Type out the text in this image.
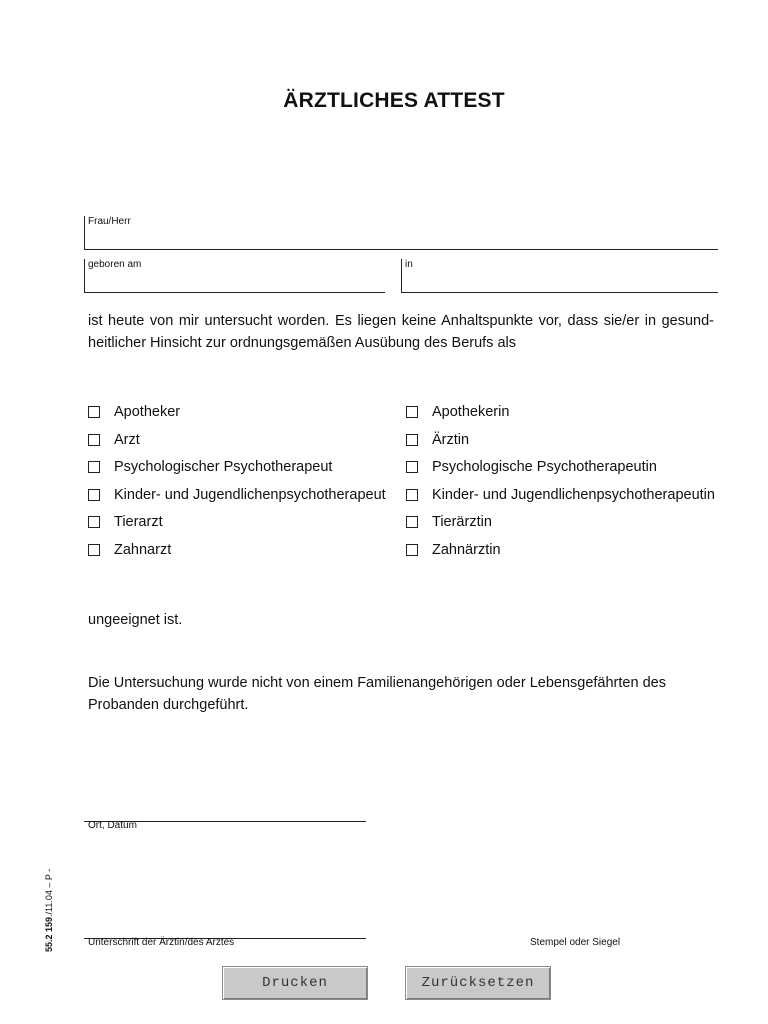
ÄRZTLICHES ATTEST
Frau/Herr
geboren am	in
ist heute von mir untersucht worden. Es liegen keine Anhaltspunkte vor, dass sie/er in gesundheitlicher Hinsicht zur ordnungsgemäßen Ausübung des Berufs als
Apotheker
Arzt
Psychologischer Psychotherapeut
Kinder- und Jugendlichenpsychotherapeut
Tierarzt
Zahnarzt
Apothekerin
Ärztin
Psychologische Psychotherapeutin
Kinder- und Jugendlichenpsychotherapeutin
Tierärztin
Zahnärztin
ungeeignet ist.
Die Untersuchung wurde nicht von einem Familienangehörigen oder Lebensgefährten des Probanden durchgeführt.
Ort, Datum
Unterschrift der Ärztin/des Arztes	Stempel oder Siegel
55.2 159./11.04 – P -
Drucken	Zurücksetzen
